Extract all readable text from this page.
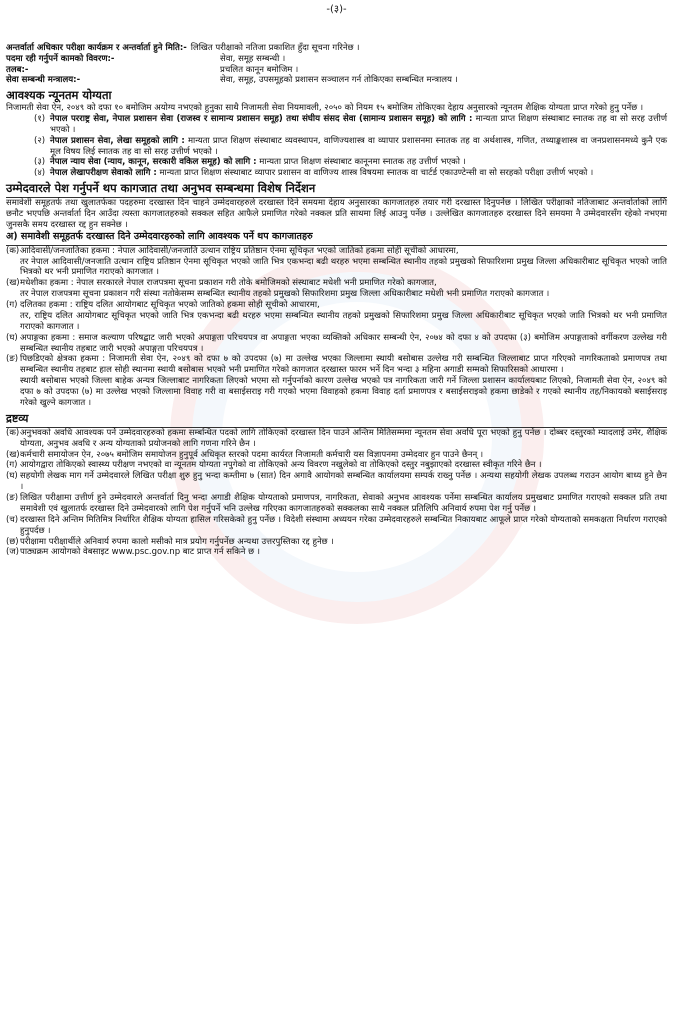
-(३)-
अन्तर्वार्ता अधिकार परीक्षा कार्यक्रम र अन्तर्वार्ता हुने मिति:- लिखित परीक्षाको नतिजा प्रकाशित हुँदा सूचना गरिनेछ ।
पदमा रही गर्नुपर्ने कामको विवरण:-	सेवा, समूह सम्बन्धी ।
तलब:-	प्रचलित कानून बमोजिम ।
सेवा सम्बन्धी मन्त्रालय:-	सेवा, समूह, उपसमूहको प्रशासन सञ्चालन गर्न तोकिएका सम्बन्धित मन्त्रालय ।
आवश्यक न्यूनतम योग्यता
निजामती सेवा ऐन, २०४९ को दफा १० बमोजिम अयोग्य नभएको हुनुका साथै निजामती सेवा नियमावली, २०५० को नियम १५ बमोजिम तोकिएका देहाय अनुसारको न्यूनतम शैक्षिक योग्यता प्राप्त गरेको हुनु पर्नेछ ।
(१) नेपाल परराष्ट्र सेवा, नेपाल प्रशासन सेवा (राजस्व र सामान्य प्रशासन समूह) तथा संघीय संसद सेवा (सामान्य प्रशासन समूह) को लागि : मान्यता प्राप्त शिक्षण संस्थाबाट स्नातक तह वा सो सरह उत्तीर्ण भएको ।
(२) नेपाल प्रशासन सेवा, लेखा समूहको लागि : मान्यता प्राप्त शिक्षण संस्थाबाट व्यवस्थापन, वाणिज्यशास्त्र वा व्यापार प्रशासनमा स्नातक तह वा अर्थशास्त्र, गणित, तथ्याङ्कशास्त्र वा जनप्रशासनमध्ये कुनै एक मूल विषय लिई स्नातक तह वा सो सरह उत्तीर्ण भएको ।
(३) नेपाल न्याय सेवा (न्याय, कानून, सरकारी वकिल समूह) को लागि : मान्यता प्राप्त शिक्षण संस्थाबाट कानूनमा स्नातक तह उत्तीर्ण भएको ।
(४) नेपाल लेखापरीक्षण सेवाको लागि : मान्यता प्राप्त शिक्षण संस्थाबाट व्यापार प्रशासन वा वाणिज्य शास्त्र विषयमा स्नातक वा चार्टर्ड एकाउण्टेन्सी वा सो सरहको परीक्षा उत्तीर्ण भएको ।
उम्मेदवारले पेश गर्नुपर्ने थप कागजात तथा अनुभव सम्बन्धमा विशेष निर्देशन
समावेशी समूहतर्फ तथा खुलातर्फका पदहरुमा दरखास्त दिन चाहने उम्मेदवारहरुले दरखास्त दिने समयमा देहाय अनुसारका कागजातहरु तयार गरी दरखास्त दिनुपर्नेछ । लिखित परीक्षाको नतिजाबाट अन्तर्वार्ताको लागि छनौट भएपछि अन्तर्वार्ता दिन आउँदा त्यस्ता कागजातहरुको सक्कल सहित आफैले प्रमाणित गरेको नक्कल प्रति साथमा लिई आउनु पर्नेछ । उल्लेखित कागजातहरु दरखास्त दिने समयमा नै उम्मेदवारसँग रहेको नभएमा जुनसकै समय दरखास्त रद्द हुन सक्नेछ ।
अ) समावेशी समूहतर्फ दरखास्त दिने उम्मेदवारहरुको लागि आवश्यक पर्ने थप कागजातहरु
(क) आदिवासी/जनजातिका हकमा : नेपाल आदिवासी/जनजाति उत्थान राष्ट्रिय प्रतिष्ठान ऐनमा सूचिकृत भएको जातिको हकमा सोही सूचीको आधारमा,

तर नेपाल आदिवासी/जनजाति उत्थान राष्ट्रिय प्रतिष्ठान ऐनमा सूचिकृत भएको जाति भित्र एकभन्दा बढी थरहरु भएमा सम्बन्धित स्थानीय तहको प्रमुखको सिफारिशमा प्रमुख जिल्ला अधिकारीबाट सूचिकृत भएको जाति भित्रको थर भनी प्रमाणित गराएको कागजात ।

(ख) मधेशीका हकमा : नेपाल सरकारले नेपाल राजपत्रमा सूचना प्रकाशन गरी तोके बमोजिमको संस्थाबाट मधेशी भनी प्रमाणित गरेको कागजात,

तर नेपाल राजपत्रमा सूचना प्रकाशन गरी संस्था नतोकेसम्म सम्बन्धित स्थानीय तहको प्रमुखको सिफारिशमा प्रमुख जिल्ला अधिकारीबाट मधेशी भनी प्रमाणित गराएको कागजात ।

(ग) दलितका हकमा : राष्ट्रिय दलित आयोगबाट सूचिकृत भएको जातिको हकमा सोही सूचीको आधारमा,

तर, राष्ट्रिय दलित आयोगबाट सूचिकृत भएको जाति भित्र एकभन्दा बढी थरहरु भएमा सम्बन्धित स्थानीय तहको प्रमुखको सिफारिशमा प्रमुख जिल्ला अधिकारीबाट सूचिकृत भएको जाति भित्रको थर भनी प्रमाणित गराएको कागजात ।

(घ) अपाङ्गका हकमा : समाज कल्याण परिषद्बाट जारी भएको अपाङ्गता परिचयपत्र वा अपाङ्गता भएका व्यक्तिको अधिकार सम्बन्धी ऐन, २०७४ को दफा ४ को उपदफा (३) बमोजिम अपाङ्गताको वर्गीकरण उल्लेख गरी सम्बन्धित स्थानीय तहबाट जारी भएको अपाङ्गता परिचयपत्र ।

(ङ) पिछडिएको क्षेत्रका हकमा : निजामती सेवा ऐन, २०४९ को दफा ७ को उपदफा (७) मा उल्लेख भएका जिल्लामा स्थायी बसोबास उल्लेख गरी सम्बन्धित जिल्लाबाट प्राप्त गरिएको नागरिकताको प्रमाणपत्र तथा सम्बन्धित स्थानीय तहबाट हाल सोही स्थानमा स्थायी बसोबास भएको भनी प्रमाणित गरेको कागजात दरखास्त फारम भर्ने दिन भन्दा ३ महिना अगाडी सम्मको सिफारिसको आधारमा ।

स्थायी बसोबास भएको जिल्ला बाहेक अन्यत्र जिल्लाबाट नागरिकता लिएको भएमा सो गर्नुपर्नाको कारण उल्लेख भएको पत्र नागरिकता जारी गर्ने जिल्ला प्रशासन कार्यालयबाट लिएको, निजामती सेवा ऐन, २०४९ को दफा ७ को उपदफा (७) मा उल्लेख भएको जिल्लामा विवाह गरी वा बसाईसराइ गरी गएको भएमा विवाहको हकमा विवाह दर्ता प्रमाणपत्र र बसाईसराइको हकमा छाडेको र गएको स्थानीय तह/निकायको बसाईसराइ गरेको खुल्ने कागजात ।

द्रष्टव्य
(क) अनुभवको अवधि आवश्यक पर्ने उम्मेदवारहरुको हकमा सम्बन्धित पदको लागि तोकिएको दरखास्त दिन पाउने अन्तिम मितिसम्ममा न्यूनतम सेवा अवधि पूरा भएको हुनु पर्नेछ । दोब्बर दस्तुरको म्यादलाई उमेर, शैक्षिक योग्यता, अनुभव अवधि र अन्य योग्यताको प्रयोजनको लागि गणना गरिने छैन ।
(ख) कर्मचारी समायोजन ऐन, २०७५ बमोजिम समायोजन हुनुपूर्व अधिकृत स्तरको पदमा कार्यरत निजामती कर्मचारी यस विज्ञापनमा उम्मेदवार हुन पाउने छैनन् ।
(ग) आयोगद्वारा तोकिएको स्वास्थ्य परीक्षण नभएको वा न्यूनतम योग्यता नपुगेको वा तोकिएको अन्य विवरण नखुलेको वा तोकिएको दस्तुर नबुझाएको दरखास्त स्वीकृत गरिने छैन ।
(घ) सहयोगी लेखक माग गर्ने उम्मेदवारले लिखित परीक्षा शुरु हुनु भन्दा कम्तीमा ७ (सात) दिन अगावै आयोगको सम्बन्धित कार्यालयमा सम्पर्क राख्नु पर्नेछ । अन्यथा सहयोगी लेखक उपलब्ध गराउन आयोग बाध्य हुने छैन ।
(ङ) लिखित परीक्षामा उत्तीर्ण हुने उम्मेदवारले अन्तर्वार्ता दिनु भन्दा अगाडी शैक्षिक योग्यताको प्रमाणपत्र, नागरिकता, सेवाको अनुभव आवश्यक पर्नेमा सम्बन्धित कार्यालय प्रमुखबाट प्रमाणित गराएको सक्कल प्रति तथा समावेशी एवं खुलातर्फ दरखास्त दिने उम्मेदवारको लागि पेश गर्नुपर्ने भनि उल्लेख गरिएका कागजातहरुको सक्कलका साथै नक्कल प्रतिलिपि अनिवार्य रुपमा पेश गर्नु पर्नेछ ।
(च) दरखास्त दिने अन्तिम मितिमित्र निर्धारित शैक्षिक योग्यता हासिल गरिसकेको हुनु पर्नेछ । विदेशी संस्थामा अध्ययन गरेका उम्मेदवारहरुले सम्बन्धित निकायबाट आफूले प्राप्त गरेको योग्यताको समकक्षता निर्धारण गराएको हुनुपर्दछ ।
(छ) परीक्षामा परीक्षार्थीले अनिवार्य रुपमा कालो मसीको मात्र प्रयोग गर्नुपर्नेछ अन्यथा उत्तरपुस्तिका रद्द हुनेछ ।
(ज) पाठ्यक्रम आयोगको वेबसाइट www.psc.gov.np बाट प्राप्त गर्न सकिने छ ।
